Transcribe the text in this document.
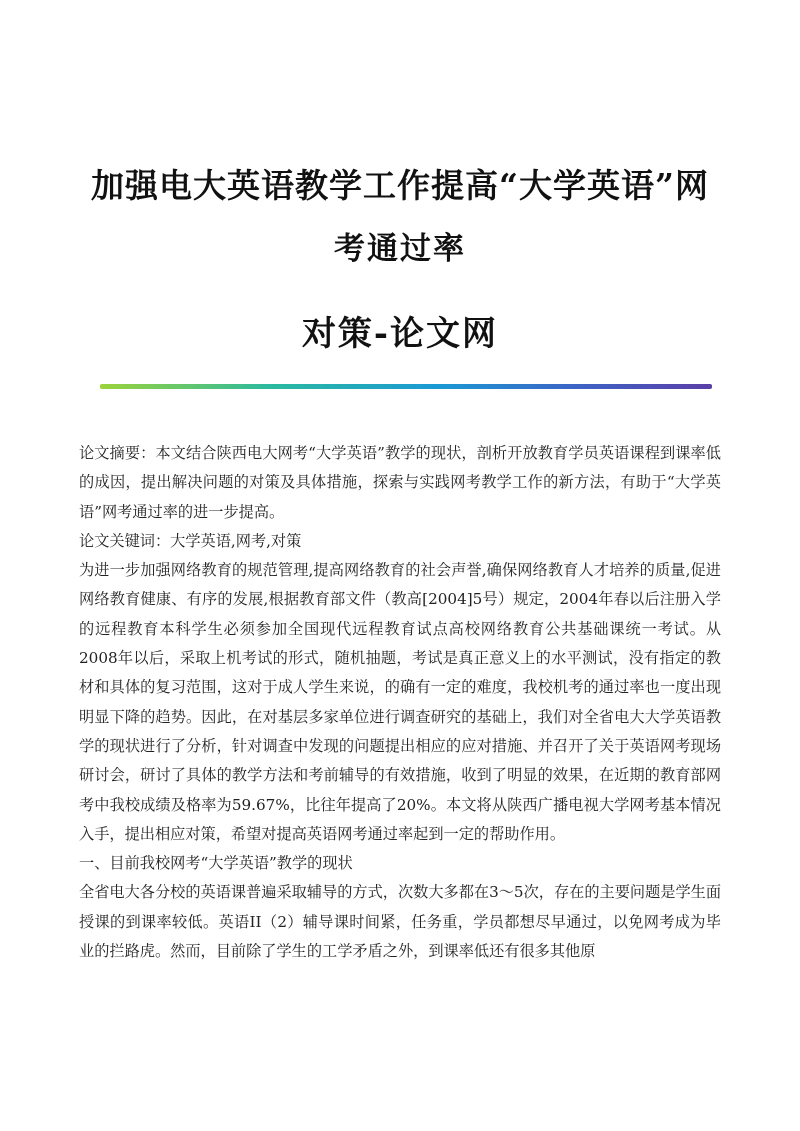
加强电大英语教学工作提高“大学英语”网
考通过率
对策-论文网

论文摘要：本文结合陕西电大网考“大学英语”教学的现状，剖析开放教育学员英语课程到课率低的成因，提出解决问题的对策及具体措施，探索与实践网考教学工作的新方法，有助于“大学英语”网考通过率的进一步提高。

论文关键词：大学英语,网考,对策

为进一步加强网络教育的规范管理,提高网络教育的社会声誉,确保网络教育人才培养的质量,促进网络教育健康、有序的发展,根据教育部文件（教高[2004]5号）规定，2004年春以后注册入学的远程教育本科学生必须参加全国现代远程教育试点高校网络教育公共基础课统一考试。从2008年以后，采取上机考试的形式，随机抽题，考试是真正意义上的水平测试，没有指定的教材和具体的复习范围，这对于成人学生来说，的确有一定的难度，我校机考的通过率也一度出现明显下降的趋势。因此，在对基层多家单位进行调查研究的基础上，我们对全省电大大学英语教学的现状进行了分析，针对调查中发现的问题提出相应的应对措施、并召开了关于英语网考现场研讨会，研讨了具体的教学方法和考前辅导的有效措施，收到了明显的效果，在近期的教育部网考中我校成绩及格率为59.67%，比往年提高了20%。本文将从陕西广播电视大学网考基本情况入手，提出相应对策，希望对提高英语网考通过率起到一定的帮助作用。

一、目前我校网考“大学英语”教学的现状

全省电大各分校的英语课普遍采取辅导的方式，次数大多都在3～5次，存在的主要问题是学生面授课的到课率较低。英语II（2）辅导课时间紧，任务重，学员都想尽早通过，以免网考成为毕业的拦路虎。然而，目前除了学生的工学矛盾之外，到课率低还有很多其他原
